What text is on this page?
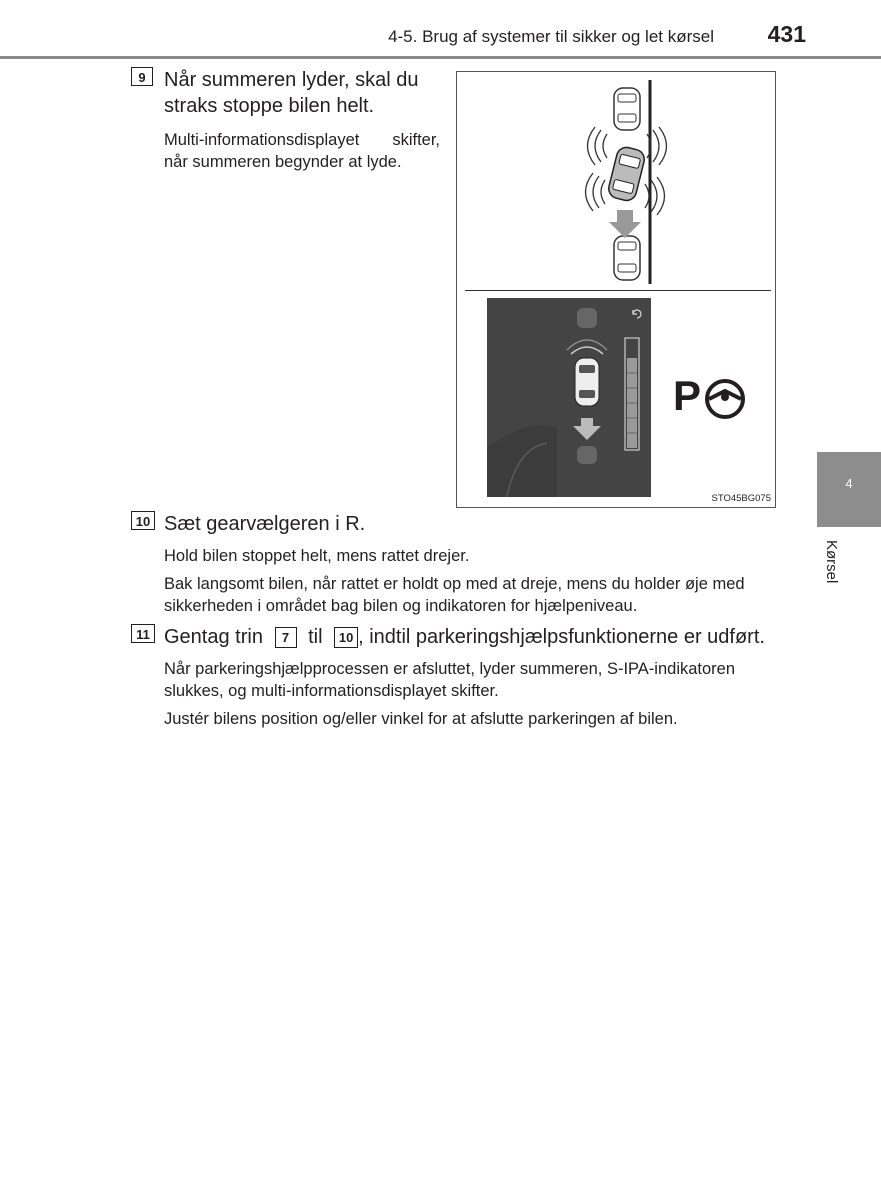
4-5. Brug af systemer til sikker og let kørsel 431
9 Når summeren lyder, skal du straks stoppe bilen helt.

Multi-informationsdisplayet skifter, når summeren begynder at lyde.

P
STO45BG075
10 Sæt gearvælgeren i R.

Hold bilen stoppet helt, mens rattet drejer.

Bak langsomt bilen, når rattet er holdt op med at dreje, mens du holder øje med sikkerheden i området bag bilen og indikatoren for hjælpeniveau.

11 Gentag trin 7 til 10 , indtil parkeringshjælpsfunktionerne er udført.

Når parkeringshjælpprocessen er afsluttet, lyder summeren, S-IPA-indikatoren slukkes, og multi-informationsdisplayet skifter.

Justér bilens position og/eller vinkel for at afslutte parkeringen af bilen.

4
Kørsel
